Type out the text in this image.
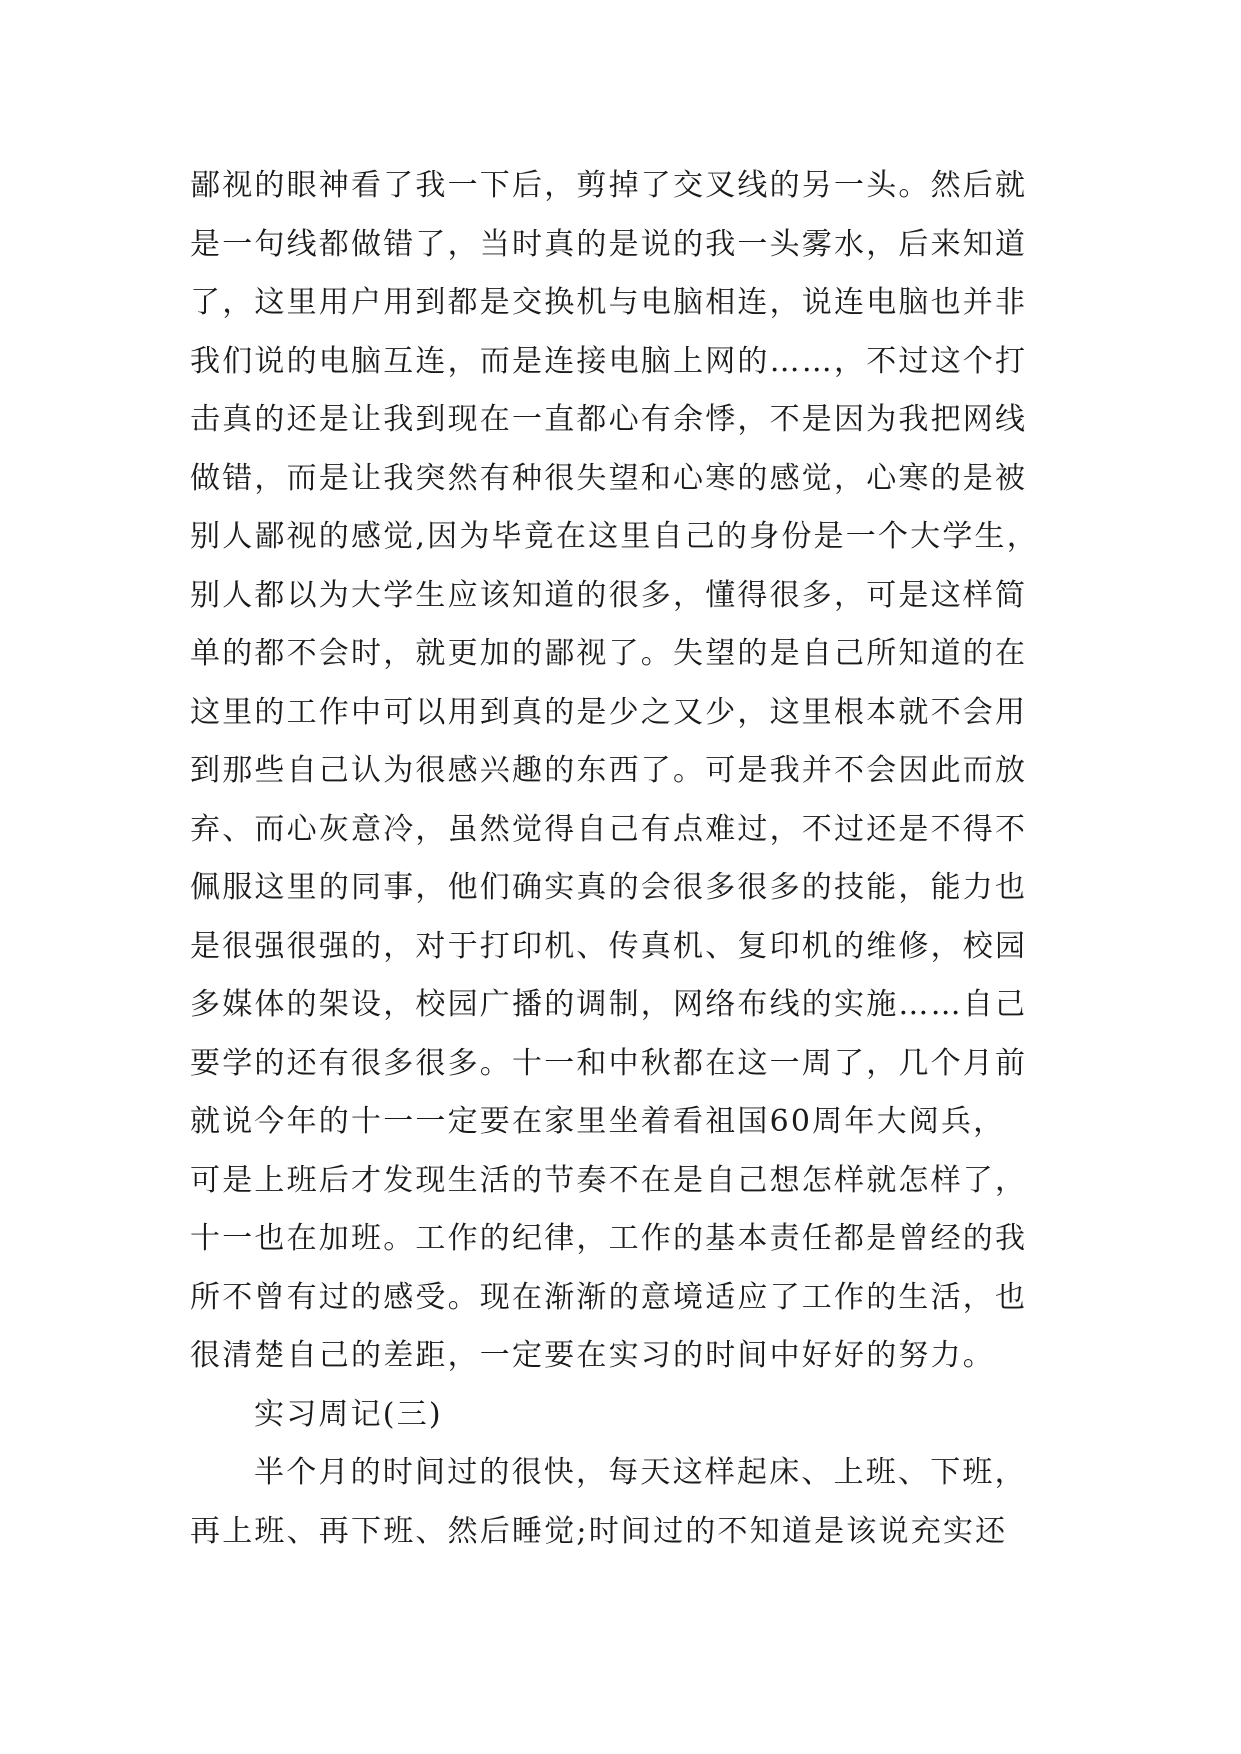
鄙视的眼神看了我一下后，剪掉了交叉线的另一头。然后就
是一句线都做错了，当时真的是说的我一头雾水，后来知道
了，这里用户用到都是交换机与电脑相连，说连电脑也并非
我们说的电脑互连，而是连接电脑上网的……，不过这个打
击真的还是让我到现在一直都心有余悸，不是因为我把网线
做错，而是让我突然有种很失望和心寒的感觉，心寒的是被
别人鄙视的感觉,因为毕竟在这里自己的身份是一个大学生，
别人都以为大学生应该知道的很多，懂得很多，可是这样简
单的都不会时，就更加的鄙视了。失望的是自己所知道的在
这里的工作中可以用到真的是少之又少，这里根本就不会用
到那些自己认为很感兴趣的东西了。可是我并不会因此而放
弃、而心灰意冷，虽然觉得自己有点难过，不过还是不得不
佩服这里的同事，他们确实真的会很多很多的技能，能力也
是很强很强的，对于打印机、传真机、复印机的维修，校园
多媒体的架设，校园广播的调制，网络布线的实施……自己
要学的还有很多很多。十一和中秋都在这一周了，几个月前
就说今年的十一一定要在家里坐着看祖国60周年大阅兵，
可是上班后才发现生活的节奏不在是自己想怎样就怎样了，
十一也在加班。工作的纪律，工作的基本责任都是曾经的我
所不曾有过的感受。现在渐渐的意境适应了工作的生活，也
很清楚自己的差距，一定要在实习的时间中好好的努力。
实习周记(三)
半个月的时间过的很快，每天这样起床、上班、下班，
再上班、再下班、然后睡觉;时间过的不知道是该说充实还
